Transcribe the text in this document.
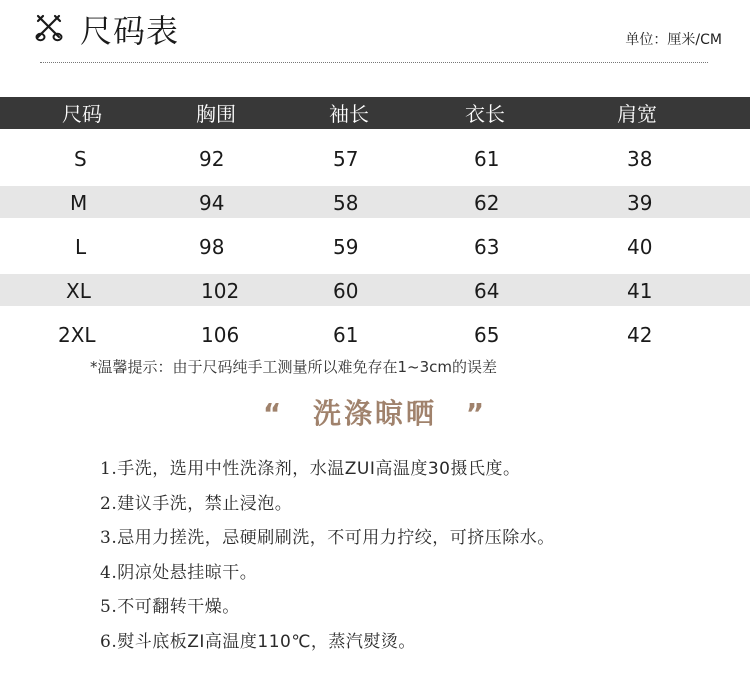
尺码表	单位：厘米/CM
尺码	胸围	袖长	衣长	肩宽
S	92	57	61	38
M	94	58	62	39
L	98	59	63	40
XL	102	60	64	41
2XL	106	61	65	42
*温馨提示：由于尺码纯手工测量所以难免存在1~3cm的误差
“ 洗涤晾晒 ”
1.手洗，选用中性洗涤剂，水温ZUI高温度30摄氏度。
2.建议手洗，禁止浸泡。
3.忌用力搓洗，忌硬刷刷洗，不可用力拧绞，可挤压除水。
4.阴凉处悬挂晾干。
5.不可翻转干燥。
6.熨斗底板ZI高温度110℃，蒸汽熨烫。
